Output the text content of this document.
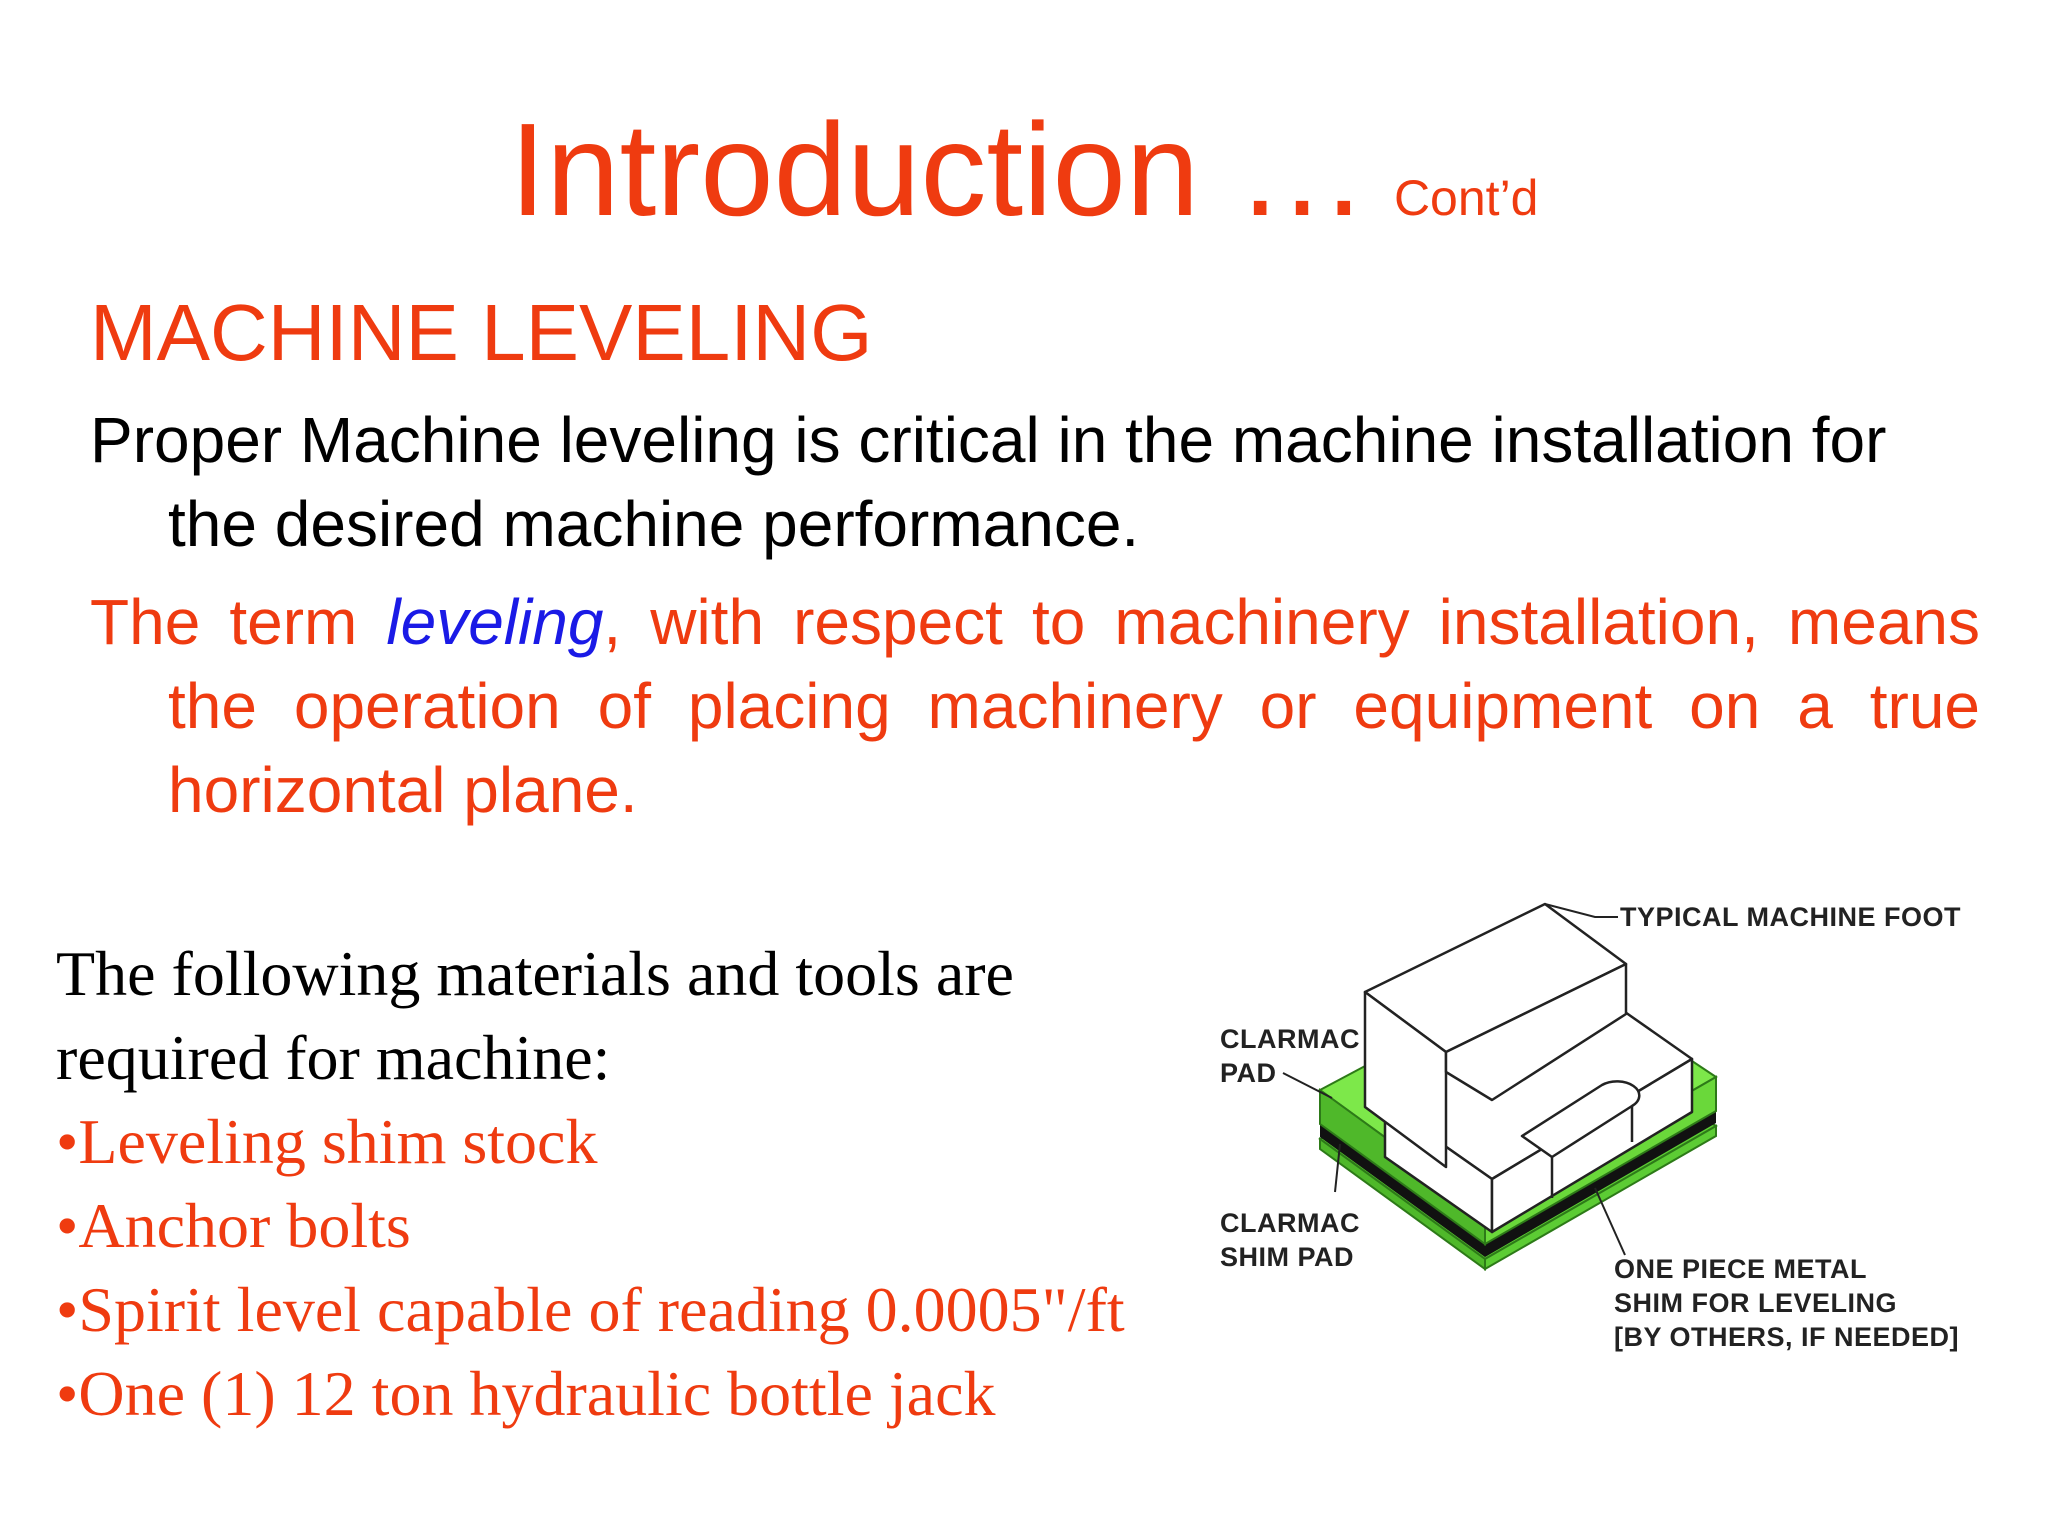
Introduction … Cont’d
MACHINE LEVELING
Proper Machine leveling is critical in the machine installation for the desired machine performance.
The term leveling, with respect to machinery installation, means the operation of placing machinery or equipment on a true horizontal plane.
The following materials and tools are required for machine:
•Leveling shim stock
•Anchor bolts
•Spirit level capable of reading 0.0005"/ft
•One (1) 12 ton hydraulic bottle jack
TYPICAL MACHINE FOOT
CLARMAC
PAD
CLARMAC
SHIM PAD	ONE PIECE METAL
SHIM FOR LEVELING
[BY OTHERS, IF NEEDED]
